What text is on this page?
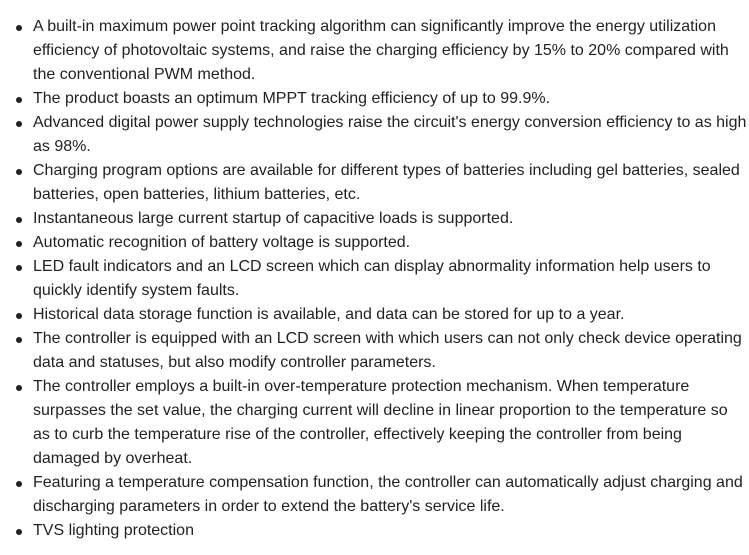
A built-in maximum power point tracking algorithm can significantly improve the energy utilization efficiency of photovoltaic systems, and raise the charging efficiency by 15% to 20% compared with the conventional PWM method.
The product boasts an optimum MPPT tracking efficiency of up to 99.9%.
Advanced digital power supply technologies raise the circuit's energy conversion efficiency to as high as 98%.
Charging program options are available for different types of batteries including gel batteries, sealed batteries, open batteries, lithium batteries, etc.
Instantaneous large current startup of capacitive loads is supported.
Automatic recognition of battery voltage is supported.
LED fault indicators and an LCD screen which can display abnormality information help users to quickly identify system faults.
Historical data storage function is available, and data can be stored for up to a year.
The controller is equipped with an LCD screen with which users can not only check device operating data and statuses, but also modify controller parameters.
The controller employs a built-in over-temperature protection mechanism. When temperature surpasses the set value, the charging current will decline in linear proportion to the temperature so as to curb the temperature rise of the controller, effectively keeping the controller from being damaged by overheat.
Featuring a temperature compensation function, the controller can automatically adjust charging and discharging parameters in order to extend the battery's service life.
TVS lighting protection
